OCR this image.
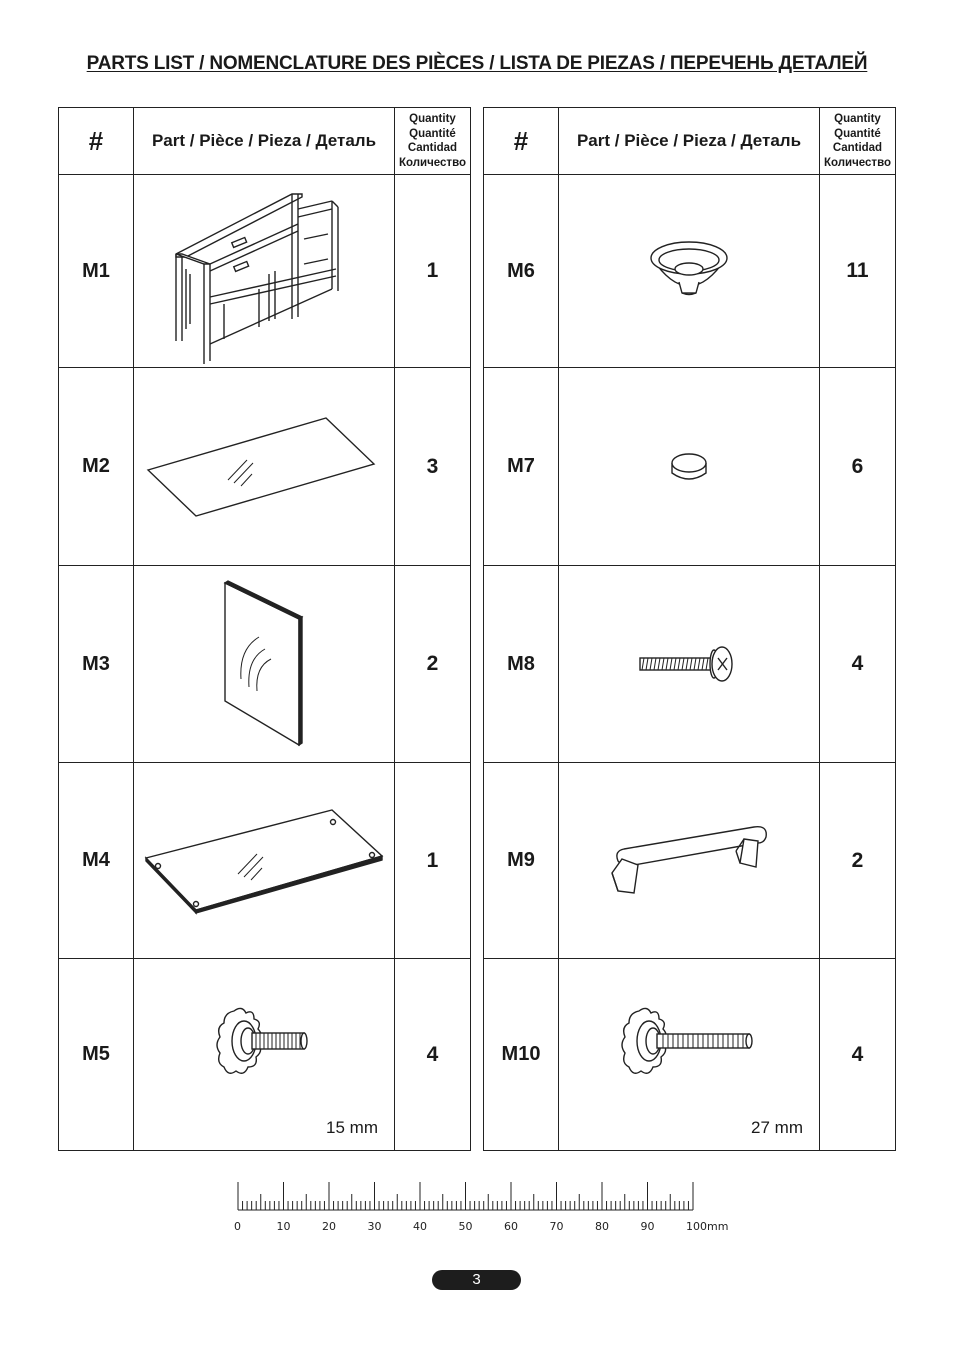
PARTS LIST / NOMENCLATURE DES PIÈCES / LISTA DE PIEZAS / ПЕРЕЧЕНЬ ДЕТАЛЕЙ
#	Part / Pièce / Pieza / Деталь	Quantity
Quantité
Cantidad
Количество

M1		1
M2		3
M3		2
M4		1
M5	15 mm	4
#	Part / Pièce / Pieza / Деталь	Quantity
Quantité
Cantidad
Количество

M6		11
M7		6
M8		4
M9		2
M10	27 mm	4
0	10	20	30	40	50	60	70	80	90	100mm
3
